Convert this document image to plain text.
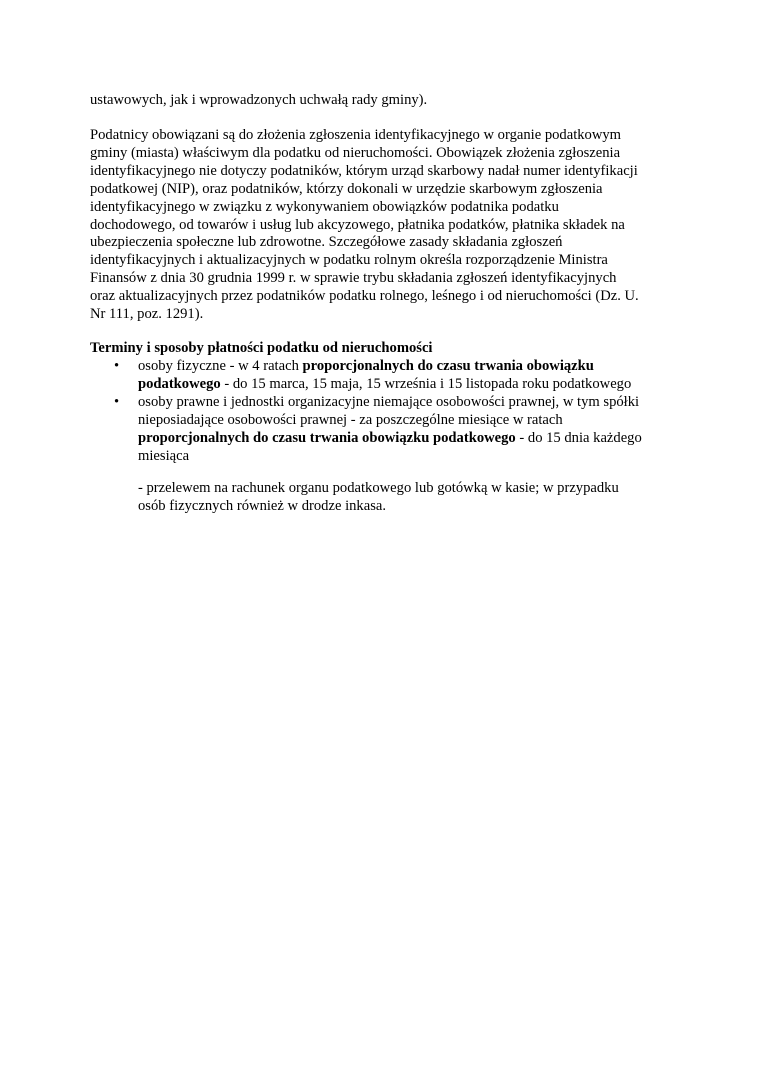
ustawowych, jak i wprowadzonych uchwałą rady gminy).
Podatnicy obowiązani są do złożenia zgłoszenia identyfikacyjnego w organie podatkowym
gminy (miasta) właściwym dla podatku od nieruchomości. Obowiązek złożenia zgłoszenia
identyfikacyjnego nie dotyczy podatników, którym urząd skarbowy nadał numer identyfikacji
podatkowej (NIP), oraz podatników, którzy dokonali w urzędzie skarbowym zgłoszenia
identyfikacyjnego w związku z wykonywaniem obowiązków podatnika podatku
dochodowego, od towarów i usług lub akcyzowego, płatnika podatków, płatnika składek na
ubezpieczenia społeczne lub zdrowotne. Szczegółowe zasady składania zgłoszeń
identyfikacyjnych i aktualizacyjnych w podatku rolnym określa rozporządzenie Ministra
Finansów z dnia 30 grudnia 1999 r. w sprawie trybu składania zgłoszeń identyfikacyjnych
oraz aktualizacyjnych przez podatników podatku rolnego, leśnego i od nieruchomości (Dz. U.
Nr 111, poz. 1291).
Terminy i sposoby płatności podatku od nieruchomości
• osoby fizyczne - w 4 ratach proporcjonalnych do czasu trwania obowiązku
podatkowego - do 15 marca, 15 maja, 15 września i 15 listopada roku podatkowego
• osoby prawne i jednostki organizacyjne niemające osobowości prawnej, w tym spółki
nieposiadające osobowości prawnej - za poszczególne miesiące w ratach
proporcjonalnych do czasu trwania obowiązku podatkowego - do 15 dnia każdego
miesiąca
- przelewem na rachunek organu podatkowego lub gotówką w kasie; w przypadku
osób fizycznych również w drodze inkasa.
